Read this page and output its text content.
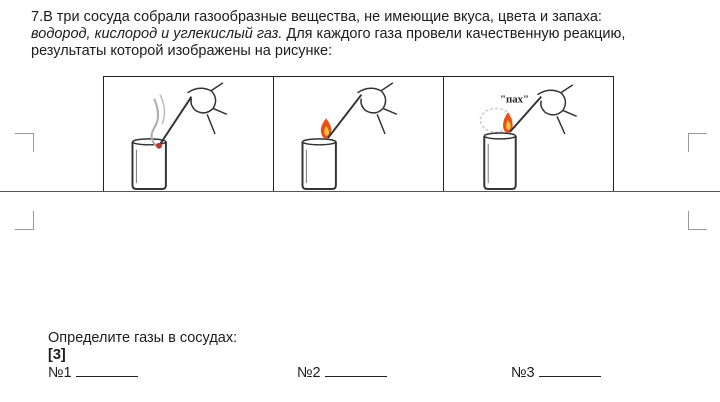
7.В три сосуда собрали газообразные вещества, не имеющие вкуса, цвета и запаха:
водород, кислород и углекислый газ. Для каждого газа провели качественную реакцию,
результаты которой изображены на рисунке:
"пах"
Определите газы в сосудах:
[3]
№1	№2	№3
